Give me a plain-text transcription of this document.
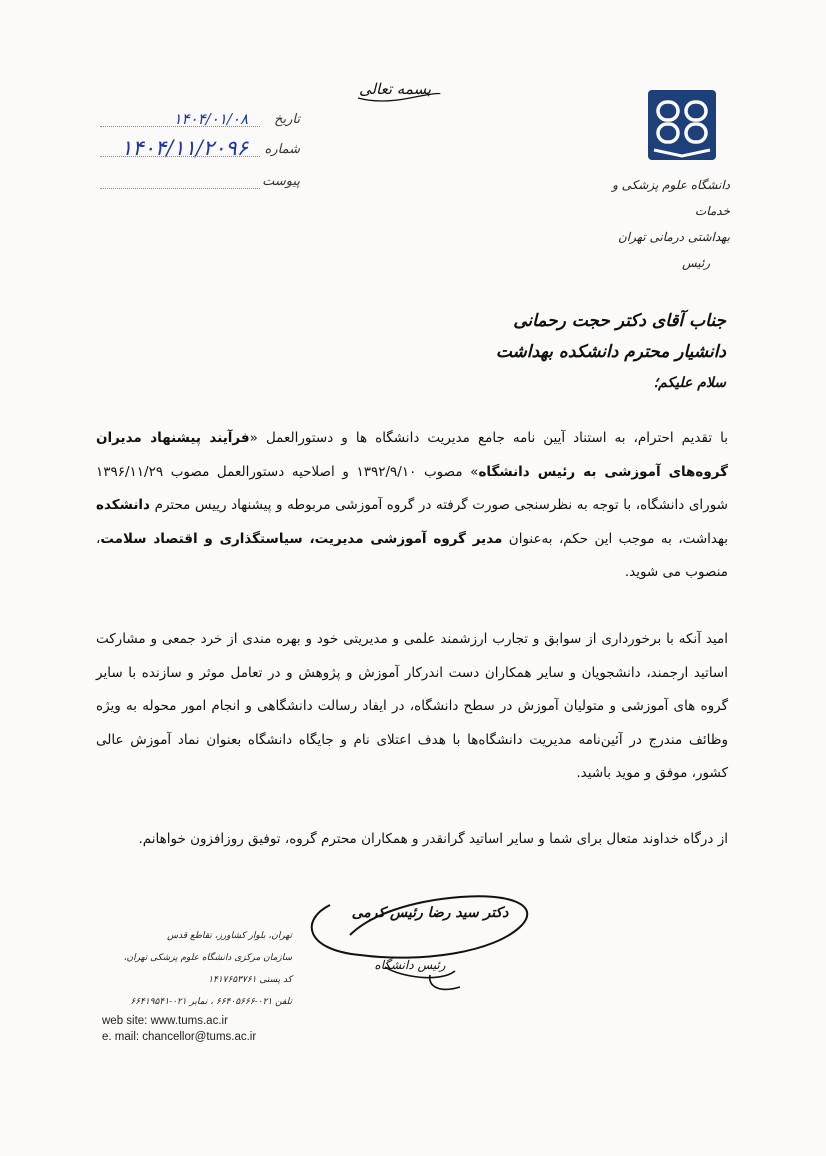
بسمه تعالی
تاریخ
۱۴۰۴/۰۱/۰۸
شماره
۱۴۰۴/۱۱/۲۰۹۶
پیوست	دانشگاه علوم پزشکی و خدمات
بهداشتی درمانی تهران
رئیس
جناب آقای دکتر حجت رحمانی
دانشیار محترم دانشکده بهداشت
سلام علیکم؛

با تقدیم احترام، به استناد آیین نامه جامع مدیریت دانشگاه ها و دستورالعمل «فرآیند پیشنهاد مدیران گروه‌های آموزشی به رئیس دانشگاه» مصوب ۱۳۹۲/۹/۱۰ و اصلاحیه دستورالعمل مصوب ۱۳۹۶/۱۱/۲۹ شورای دانشگاه، با توجه به نظرسنجی صورت گرفته در گروه آموزشی مربوطه و پیشنهاد رییس محترم دانشکده بهداشت، به موجب این حکم، به‌عنوان مدیر گروه آموزشی مدیریت، سیاستگذاری و اقتصاد سلامت، منصوب می شوید.

امید آنکه با برخورداری از سوابق و تجارب ارزشمند علمی و مدیریتی خود و بهره مندی از خرد جمعی و مشارکت اساتید ارجمند، دانشجویان و سایر همکاران دست اندرکار آموزش و پژوهش و در تعامل موثر و سازنده با سایر گروه های آموزشی و متولیان آموزش در سطح دانشگاه، در ایفاد رسالت دانشگاهی و انجام امور محوله به ویژه وظائف مندرج در آئین‌نامه مدیریت دانشگاه‌ها با هدف اعتلای نام و جایگاه دانشگاه بعنوان نماد آموزش عالی کشور، موفق و موید باشید.

از درگاه خداوند متعال برای شما و سایر اساتید گرانقدر و همکاران محترم گروه، توفیق روزافزون خواهانم.

دکتر سید رضا رئیس کرمی
رئیس دانشگاه
تهران، بلوار کشاورز، تقاطع قدس
سازمان مرکزی دانشگاه علوم پزشکی تهران،
کد پستی ۱۴۱۷۶۵۳۷۶۱
تلفن ۰۲۱-۶۶۴۰۵۶۶۶ ، نمابر ۰۲۱-۶۶۴۱۹۵۴۱
web site: www.tums.ac.ir
e. mail: chancellor@tums.ac.ir
